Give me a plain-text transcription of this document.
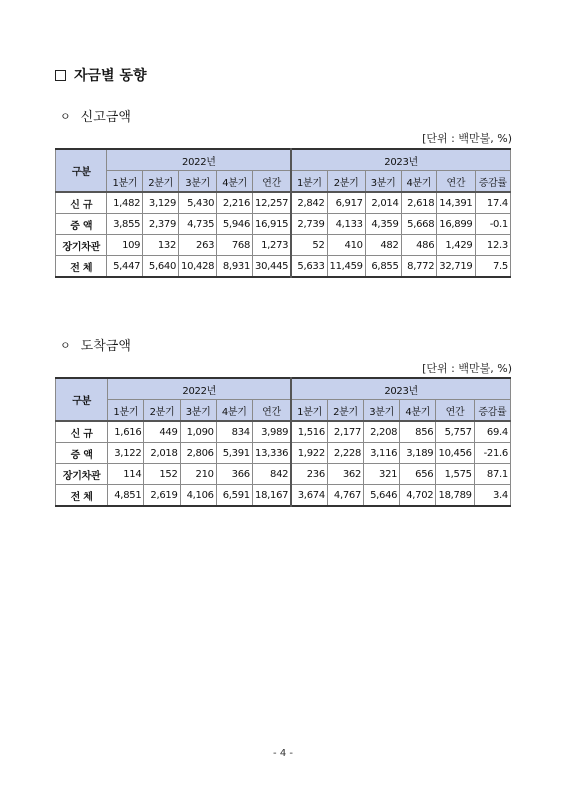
자금별 동향
ㅇ 신고금액
[단위 : 백만불, %)
구분	2022년					2023년					
	1분기	2분기	3분기	4분기	연간	1분기	2분기	3분기	4분기	연간	증감률
신 규	1,482	3,129	5,430	2,216	12,257	2,842	6,917	2,014	2,618	14,391	17.4
증 액	3,855	2,379	4,735	5,946	16,915	2,739	4,133	4,359	5,668	16,899	-0.1
장기차관	109	132	263	768	1,273	52	410	482	486	1,429	12.3
전 체	5,447	5,640	10,428	8,931	30,445	5,633	11,459	6,855	8,772	32,719	7.5
ㅇ 도착금액
[단위 : 백만불, %)
구분	2022년					2023년					
	1분기	2분기	3분기	4분기	연간	1분기	2분기	3분기	4분기	연간	증감률
신 규	1,616	449	1,090	834	3,989	1,516	2,177	2,208	856	5,757	69.4
증 액	3,122	2,018	2,806	5,391	13,336	1,922	2,228	3,116	3,189	10,456	-21.6
장기차관	114	152	210	366	842	236	362	321	656	1,575	87.1
전 체	4,851	2,619	4,106	6,591	18,167	3,674	4,767	5,646	4,702	18,789	3.4
- 4 -
